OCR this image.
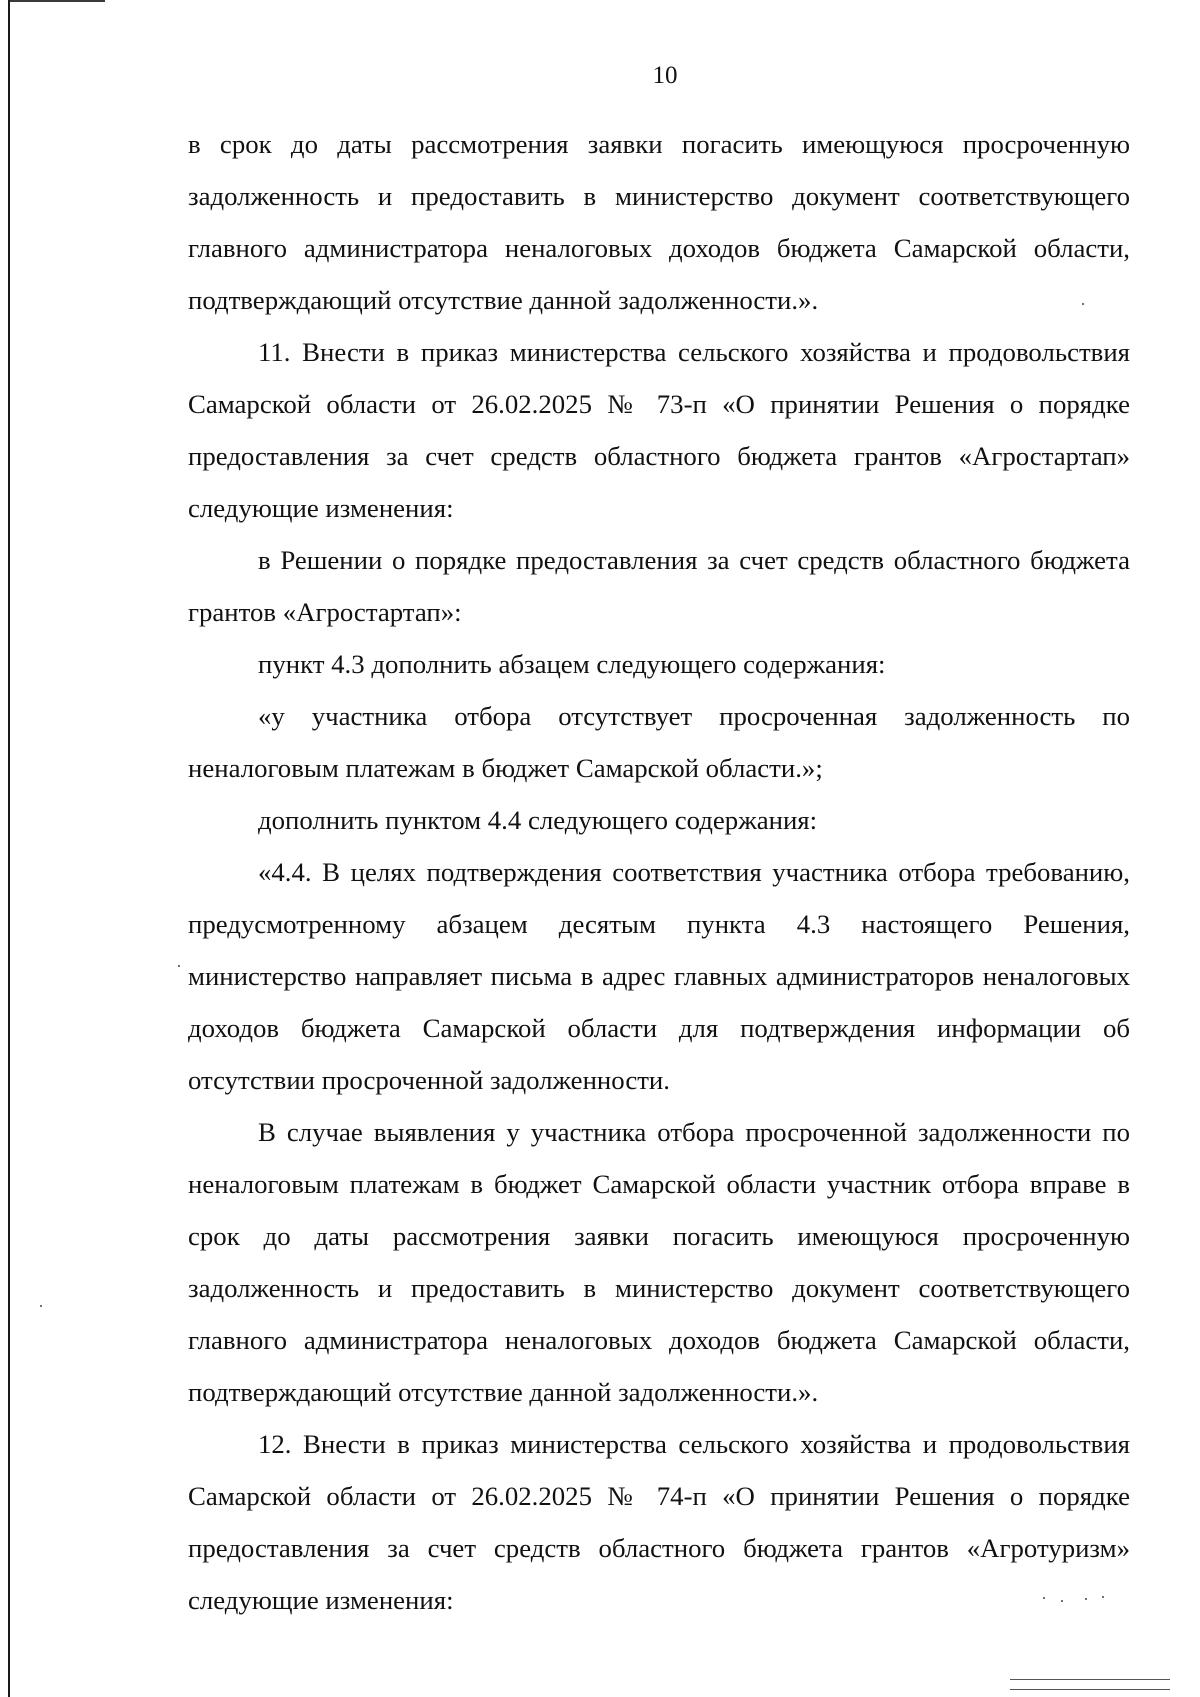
10

в срок до даты рассмотрения заявки погасить имеющуюся просроченную задолженность и предоставить в министерство документ соответствующего главного администратора неналоговых доходов бюджета Самарской области, подтверждающий отсутствие данной задолженности.».

11. Внести в приказ министерства сельского хозяйства и продовольствия Самарской области от 26.02.2025 № 73-п «О принятии Решения о порядке предоставления за счет средств областного бюджета грантов «Агростартап» следующие изменения:

в Решении о порядке предоставления за счет средств областного бюджета грантов «Агростартап»:

пункт 4.3 дополнить абзацем следующего содержания:

«у участника отбора отсутствует просроченная задолженность по неналоговым платежам в бюджет Самарской области.»;

дополнить пунктом 4.4 следующего содержания:

«4.4. В целях подтверждения соответствия участника отбора требованию, предусмотренному абзацем десятым пункта 4.3 настоящего Решения, министерство направляет письма в адрес главных администраторов неналоговых доходов бюджета Самарской области для подтверждения информации об отсутствии просроченной задолженности.

В случае выявления у участника отбора просроченной задолженности по неналоговым платежам в бюджет Самарской области участник отбора вправе в срок до даты рассмотрения заявки погасить имеющуюся просроченную задолженность и предоставить в министерство документ соответствующего главного администратора неналоговых доходов бюджета Самарской области, подтверждающий отсутствие данной задолженности.».

12. Внести в приказ министерства сельского хозяйства и продовольствия Самарской области от 26.02.2025 № 74-п «О принятии Решения о порядке предоставления за счет средств областного бюджета грантов «Агротуризм» следующие изменения:
